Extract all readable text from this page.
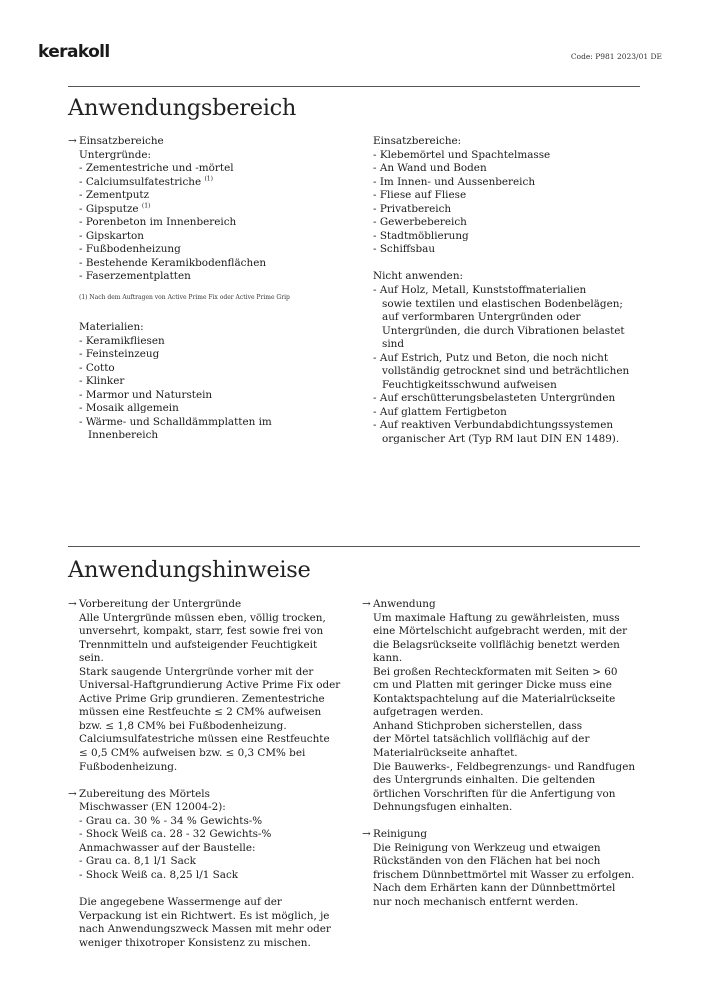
kerakoll	Code: P981 2023/01 DE
Anwendungsbereich
→ Einsatzbereiche
Untergründe:
- Zementestriche und -mörtel
- Calciumsulfatestriche $^{(1)}$
- Zementputz
- Gipsputze $^{(1)}$
- Porenbeton im Innenbereich
- Gipskarton
- Fußbodenheizung
- Bestehende Keramikbodenflächen
- Faserzementplatten
(1) Nach dem Auftragen von Active Prime Fix oder Active Prime Grip
Materialien:
- Keramikfliesen
- Feinsteinzeug
- Cotto
- Klinker
- Marmor und Naturstein
- Mosaik allgemein
- Wärme- und Schalldämmplatten im
Innenbereich
Einsatzbereiche:
- Klebemörtel und Spachtelmasse
- An Wand und Boden
- Im Innen- und Aussenbereich
- Fliese auf Fliese
- Privatbereich
- Gewerbebereich
- Stadtmöblierung
- Schiffsbau
Nicht anwenden:
- Auf Holz, Metall, Kunststoffmaterialien
sowie textilen und elastischen Bodenbelägen;
auf verformbaren Untergründen oder
Untergründen, die durch Vibrationen belastet
sind
- Auf Estrich, Putz und Beton, die noch nicht
vollständig getrocknet sind und beträchtlichen
Feuchtigkeitsschwund aufweisen
- Auf erschütterungsbelasteten Untergründen
- Auf glattem Fertigbeton
- Auf reaktiven Verbundabdichtungssystemen
organischer Art (Typ RM laut DIN EN 1489).
Anwendungshinweise
→ Vorbereitung der Untergründe
Alle Untergründe müssen eben, völlig trocken,
unversehrt, kompakt, starr, fest sowie frei von
Trennmitteln und aufsteigender Feuchtigkeit
sein.
Stark saugende Untergründe vorher mit der
Universal-Haftgrundierung Active Prime Fix oder
Active Prime Grip grundieren. Zementestriche
müssen eine Restfeuchte ≤ 2 CM% aufweisen
bzw. ≤ 1,8 CM% bei Fußbodenheizung.
Calciumsulfatestriche müssen eine Restfeuchte
≤ 0,5 CM% aufweisen bzw. ≤ 0,3 CM% bei
Fußbodenheizung.
→ Zubereitung des Mörtels
Mischwasser (EN 12004-2):
- Grau ca. 30 % - 34 % Gewichts-%
- Shock Weiß ca. 28 - 32 Gewichts-%
Anmachwasser auf der Baustelle:
- Grau ca. 8,1 l/1 Sack
- Shock Weiß ca. 8,25 l/1 Sack
Die angegebene Wassermenge auf der
Verpackung ist ein Richtwert. Es ist möglich, je
nach Anwendungszweck Massen mit mehr oder
weniger thixotroper Konsistenz zu mischen.
→ Anwendung
Um maximale Haftung zu gewährleisten, muss
eine Mörtelschicht aufgebracht werden, mit der
die Belagsrückseite vollflächig benetzt werden
kann.
Bei großen Rechteckformaten mit Seiten > 60
cm und Platten mit geringer Dicke muss eine
Kontaktspachtelung auf die Materialrückseite
aufgetragen werden.
Anhand Stichproben sicherstellen, dass
der Mörtel tatsächlich vollflächig auf der
Materialrückseite anhaftet.
Die Bauwerks-, Feldbegrenzungs- und Randfugen
des Untergrunds einhalten. Die geltenden
örtlichen Vorschriften für die Anfertigung von
Dehnungsfugen einhalten.
→ Reinigung
Die Reinigung von Werkzeug und etwaigen
Rückständen von den Flächen hat bei noch
frischem Dünnbettmörtel mit Wasser zu erfolgen.
Nach dem Erhärten kann der Dünnbettmörtel
nur noch mechanisch entfernt werden.
